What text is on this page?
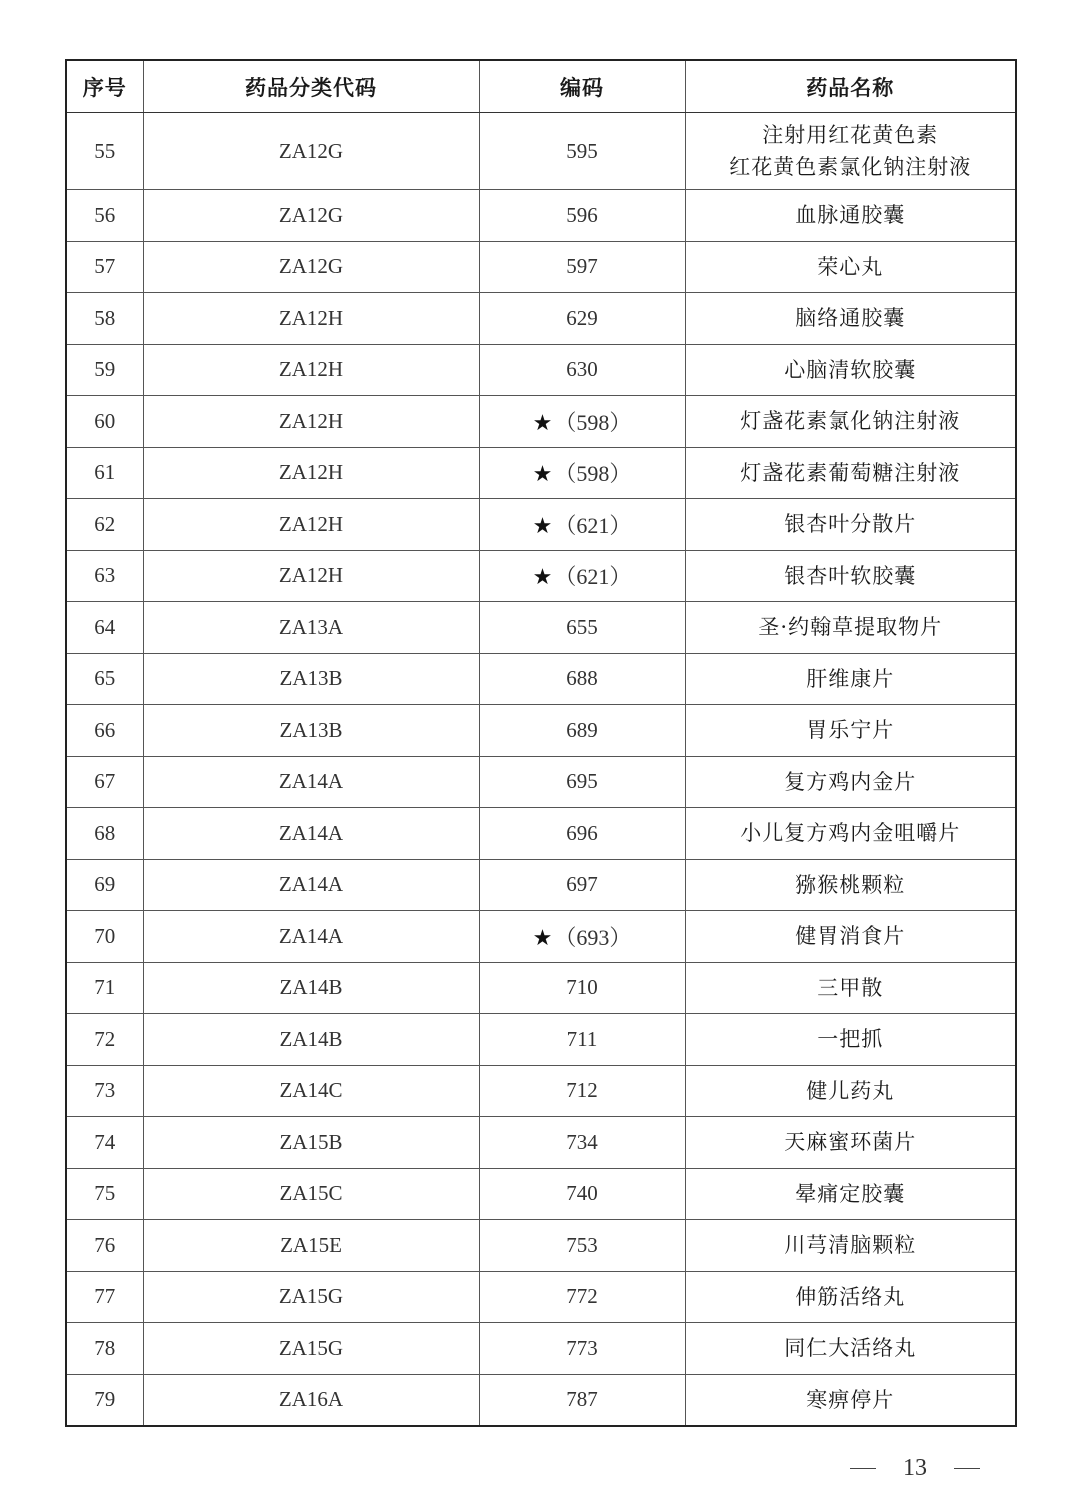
序号	药品分类代码	编码	药品名称
55	ZA12G	595	注射用红花黄色素
红花黄色素氯化钠注射液

56	ZA12G	596	血脉通胶囊

57	ZA12G	597	荣心丸

58	ZA12H	629	脑络通胶囊

59	ZA12H	630	心脑清软胶囊

60	ZA12H	★（598）	灯盏花素氯化钠注射液

61	ZA12H	★（598）	灯盏花素葡萄糖注射液

62	ZA12H	★（621）	银杏叶分散片

63	ZA12H	★（621）	银杏叶软胶囊

64	ZA13A	655	圣·约翰草提取物片

65	ZA13B	688	肝维康片

66	ZA13B	689	胃乐宁片

67	ZA14A	695	复方鸡内金片

68	ZA14A	696	小儿复方鸡内金咀嚼片

69	ZA14A	697	猕猴桃颗粒

70	ZA14A	★（693）	健胃消食片

71	ZA14B	710	三甲散

72	ZA14B	711	一把抓

73	ZA14C	712	健儿药丸

74	ZA15B	734	天麻蜜环菌片

75	ZA15C	740	晕痛定胶囊

76	ZA15E	753	川芎清脑颗粒

77	ZA15G	772	伸筋活络丸

78	ZA15G	773	同仁大活络丸

79	ZA16A	787	寒痹停片
13
